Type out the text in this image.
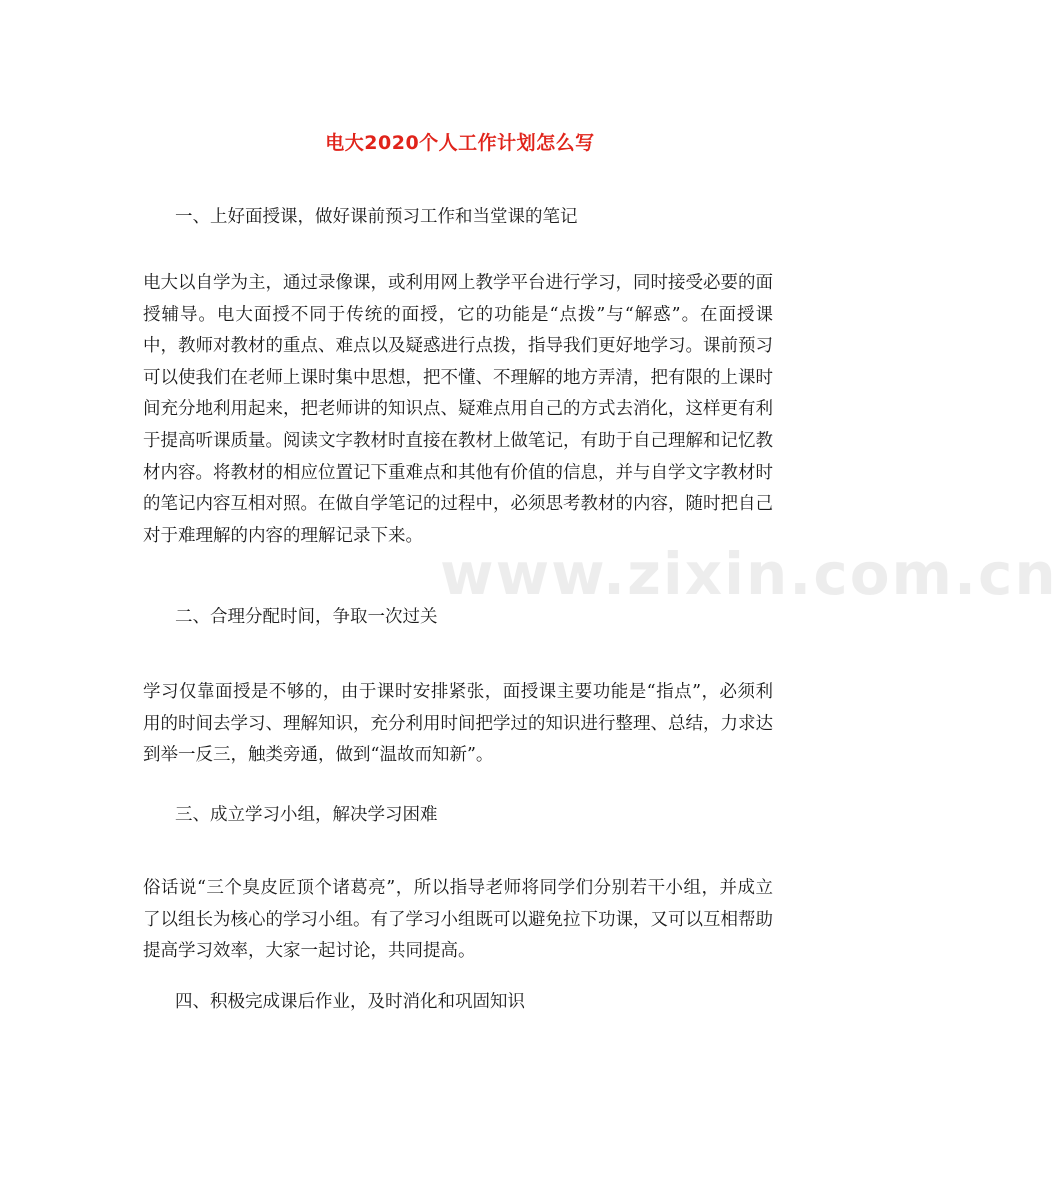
www.zixin.com.cn
电大2020个人工作计划怎么写
一、上好面授课，做好课前预习工作和当堂课的笔记
电大以自学为主，通过录像课，或利用网上教学平台进行学习，同时接受必要的面授辅导。电大面授不同于传统的面授，它的功能是“点拨”与“解惑”。在面授课中，教师对教材的重点、难点以及疑惑进行点拨，指导我们更好地学习。课前预习可以使我们在老师上课时集中思想，把不懂、不理解的地方弄清，把有限的上课时间充分地利用起来，把老师讲的知识点、疑难点用自己的方式去消化，这样更有利于提高听课质量。阅读文字教材时直接在教材上做笔记，有助于自己理解和记忆教材内容。将教材的相应位置记下重难点和其他有价值的信息，并与自学文字教材时的笔记内容互相对照。在做自学笔记的过程中，必须思考教材的内容，随时把自己对于难理解的内容的理解记录下来。
二、合理分配时间，争取一次过关
学习仅靠面授是不够的，由于课时安排紧张，面授课主要功能是“指点”，必须利用的时间去学习、理解知识，充分利用时间把学过的知识进行整理、总结，力求达到举一反三，触类旁通，做到“温故而知新”。
三、成立学习小组，解决学习困难
俗话说“三个臭皮匠顶个诸葛亮”，所以指导老师将同学们分别若干小组，并成立了以组长为核心的学习小组。有了学习小组既可以避免拉下功课，又可以互相帮助提高学习效率，大家一起讨论，共同提高。
四、积极完成课后作业，及时消化和巩固知识
